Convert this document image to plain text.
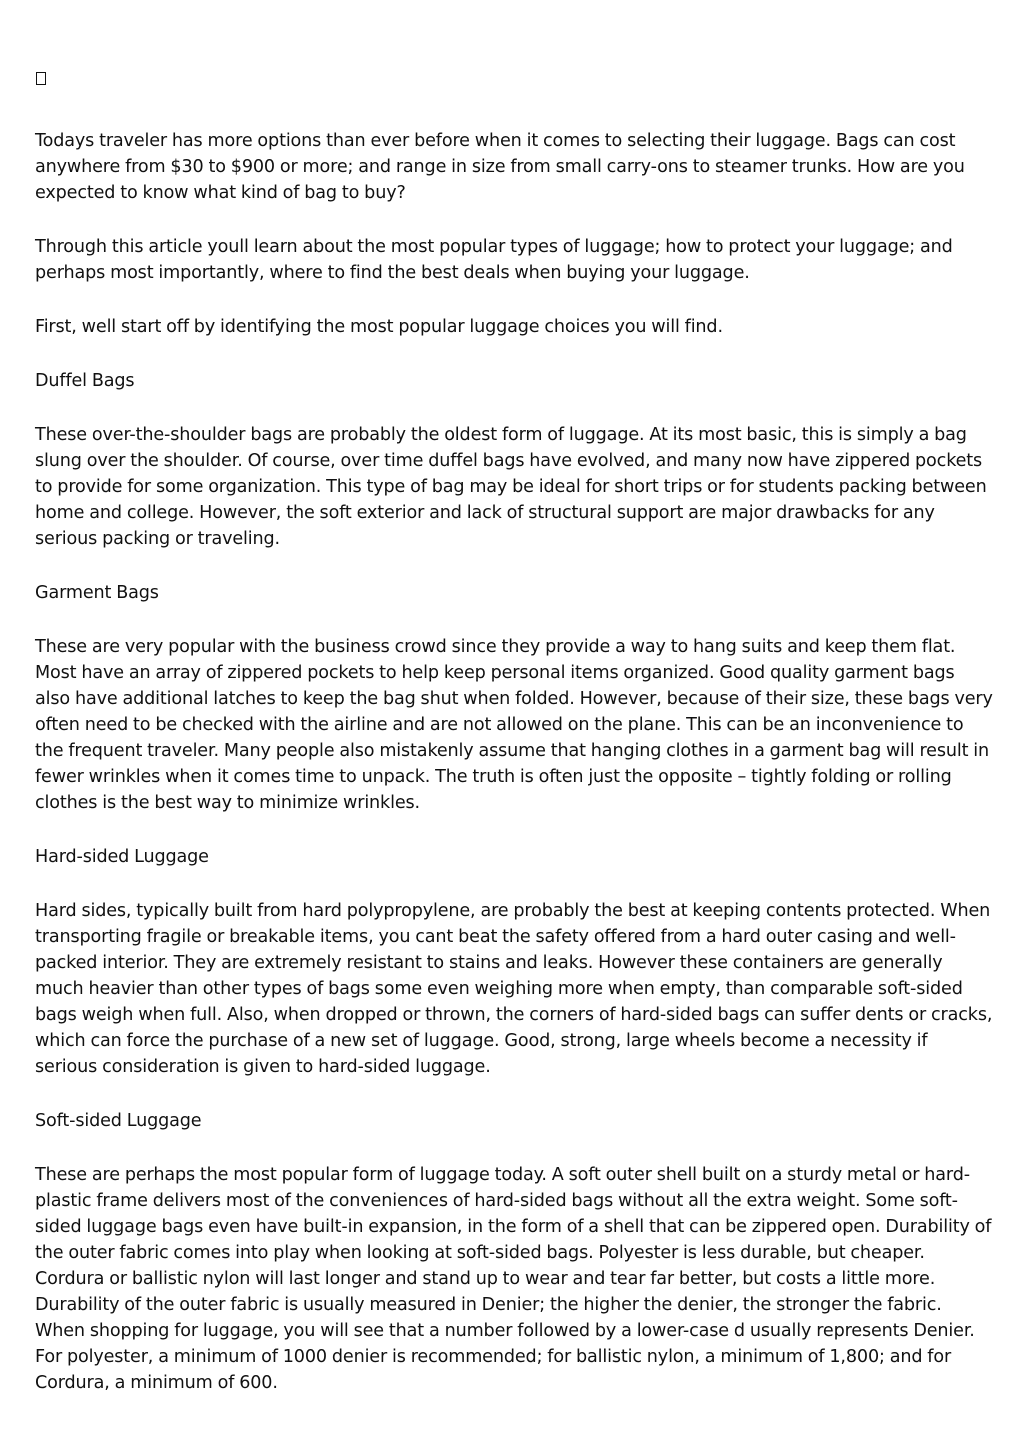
Todays traveler has more options than ever before when it comes to selecting their luggage. Bags can cost anywhere from $30 to $900 or more; and range in size from small carry-ons to steamer trunks. How are you expected to know what kind of bag to buy?

Through this article youll learn about the most popular types of luggage; how to protect your luggage; and perhaps most importantly, where to find the best deals when buying your luggage.

First, well start off by identifying the most popular luggage choices you will find.

Duffel Bags

These over-the-shoulder bags are probably the oldest form of luggage. At its most basic, this is simply a bag slung over the shoulder. Of course, over time duffel bags have evolved, and many now have zippered pockets to provide for some organization. This type of bag may be ideal for short trips or for students packing between home and college. However, the soft exterior and lack of structural support are major drawbacks for any serious packing or traveling.

Garment Bags

These are very popular with the business crowd since they provide a way to hang suits and keep them flat. Most have an array of zippered pockets to help keep personal items organized. Good quality garment bags also have additional latches to keep the bag shut when folded. However, because of their size, these bags very often need to be checked with the airline and are not allowed on the plane. This can be an inconvenience to the frequent traveler. Many people also mistakenly assume that hanging clothes in a garment bag will result in fewer wrinkles when it comes time to unpack. The truth is often just the opposite – tightly folding or rolling clothes is the best way to minimize wrinkles.

Hard-sided Luggage

Hard sides, typically built from hard polypropylene, are probably the best at keeping contents protected. When transporting fragile or breakable items, you cant beat the safety offered from a hard outer casing and well-packed interior. They are extremely resistant to stains and leaks. However these containers are generally much heavier than other types of bags some even weighing more when empty, than comparable soft-sided bags weigh when full. Also, when dropped or thrown, the corners of hard-sided bags can suffer dents or cracks, which can force the purchase of a new set of luggage. Good, strong, large wheels become a necessity if serious consideration is given to hard-sided luggage.

Soft-sided Luggage

These are perhaps the most popular form of luggage today. A soft outer shell built on a sturdy metal or hard-plastic frame delivers most of the conveniences of hard-sided bags without all the extra weight. Some soft-sided luggage bags even have built-in expansion, in the form of a shell that can be zippered open. Durability of the outer fabric comes into play when looking at soft-sided bags. Polyester is less durable, but cheaper. Cordura or ballistic nylon will last longer and stand up to wear and tear far better, but costs a little more. Durability of the outer fabric is usually measured in Denier; the higher the denier, the stronger the fabric. When shopping for luggage, you will see that a number followed by a lower-case d usually represents Denier. For polyester, a minimum of 1000 denier is recommended; for ballistic nylon, a minimum of 1,800; and for Cordura, a minimum of 600.
